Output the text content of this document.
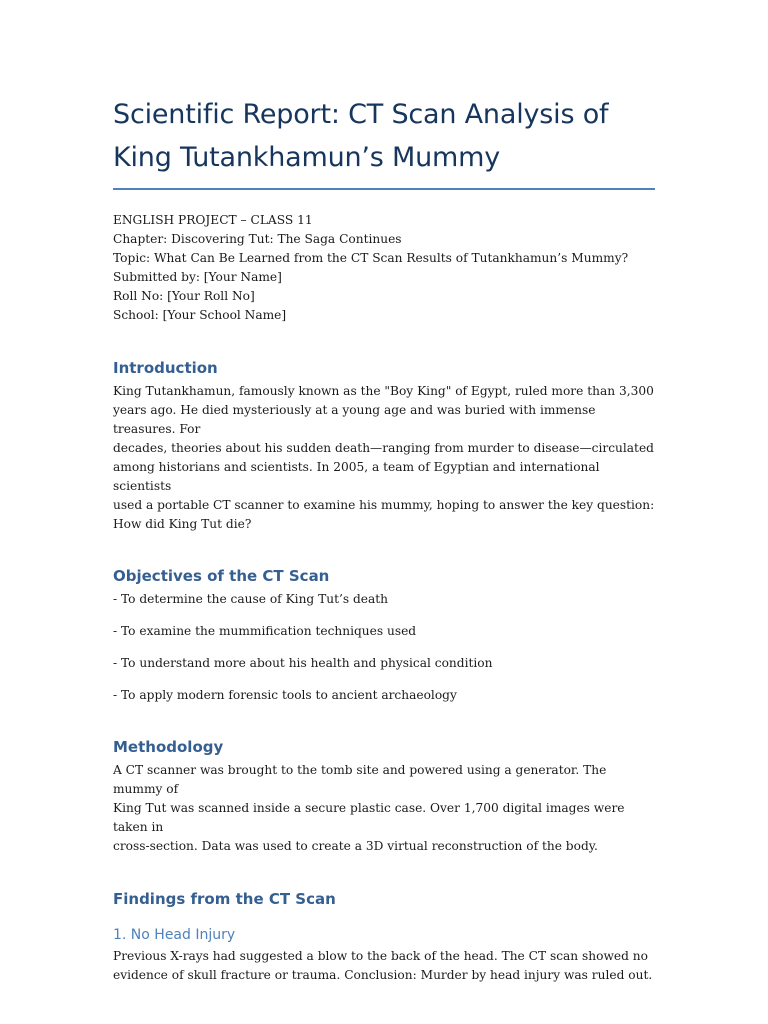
Scientific Report: CT Scan Analysis of
King Tutankhamun’s Mummy

ENGLISH PROJECT – CLASS 11

Chapter: Discovering Tut: The Saga Continues

Topic: What Can Be Learned from the CT Scan Results of Tutankhamun’s Mummy?

Submitted by: [Your Name]

Roll No: [Your Roll No]

School: [Your School Name]

Introduction

King Tutankhamun, famously known as the "Boy King" of Egypt, ruled more than 3,300

years ago. He died mysteriously at a young age and was buried with immense treasures. For

decades, theories about his sudden death—ranging from murder to disease—circulated

among historians and scientists. In 2005, a team of Egyptian and international scientists

used a portable CT scanner to examine his mummy, hoping to answer the key question:

How did King Tut die?

Objectives of the CT Scan

- To determine the cause of King Tut’s death

- To examine the mummification techniques used

- To understand more about his health and physical condition

- To apply modern forensic tools to ancient archaeology

Methodology

A CT scanner was brought to the tomb site and powered using a generator. The mummy of

King Tut was scanned inside a secure plastic case. Over 1,700 digital images were taken in

cross-section. Data was used to create a 3D virtual reconstruction of the body.

Findings from the CT Scan
1. No Head Injury

Previous X-rays had suggested a blow to the back of the head. The CT scan showed no

evidence of skull fracture or trauma. Conclusion: Murder by head injury was ruled out.
